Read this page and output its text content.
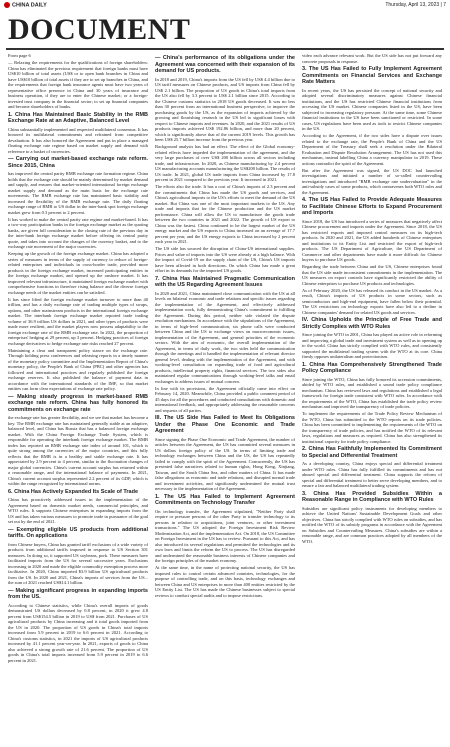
CHINA DAILY	Thursday, April 13, 2023 | 7
DOCUMENT

From page 6

— Relaxing the requirements for the qualifications of foreign shareholders: China has eliminated the previous requirement that foreign banks must have US$10 billion of total assets (US$ or to open bank branches in China and have US$10 billion of total assets if they are to set up branches in China, and the requirements that foreign bank insurance agents must have two years of representative office presence in China and 30 years of insurance and business operation, if they are to enter the Chinese market; or a foreign-invested trust company in the financial sector; to set up financial companies and become shareholders of banks.

1. China Has Maintained Basic Stability in the RMB Exchange Rate at an Adaptive, Balanced Level

China substantially implemented and respected multilateral consensus. It has honored its multilateral commitments and refrained from competitive devaluation. It has also honored the Agreement and put in place a managed floating exchange rate regime based on market supply and demand with reference to a basket of currencies.

— Carrying out market-based exchange rate reform. Since 2015, China

has improved the central parity RMB exchange rate formation regime. China holds that the exchange rate should be mainly determined by market demand and supply, and ensures that market-oriented international foreign exchange market supply and demand as the main basis for the exchange rate movements. The RMB exchange rate has maintained basic stability and increased the flexibility of the RMB exchange rate. The daily floating exchange range of RMB to US dollar in the inter-bank spot foreign exchange market grew from 0.3 percent to 2 percent.

It has worked to make the central parity rate regime and market-based. It has a two-way participation banks in the foreign exchange market as the quoting banks, are given full consideration to the closing rate of the previous day in the inter-bank foreign exchange market before offering its central parity quote, and takes into account the changes of the currency basket, and to the exchange rate movement of the major currencies.

Keeping up the growth of the foreign exchange market. China has adopted a series of measures in terms of the supply of currency to reduce of foreign-related enterprises and individuals in cross-border trade, provided more products in the foreign exchange market, increased participating entities in the foreign exchange market, and opened up the onshore market. It has improved relevant infrastructure, it maintained foreign exchange market with comprehensive functions in therefore rising balance and the diverse foreign exchange needs of the market entities can be satisfied.

It has since lifted the foreign exchange market turnover to more than 40 trillion, and has a daily exchange rate of trading multiple types of swaps, options, and other mainstream products in the international foreign exchange market. The interbank foreign exchange market reported trade trading volume of 36.9 trillion US dollars in 2021, and other types of products were made more resilient, and the market players now possess adaptability to the foreign exchange rate of the RMB exchange rate. In 2022, the proportion of enterprises' hedging at 29 percent, up 3 percent. Hedging practices of foreign exchange derivatives to hedge exchange rate risks reached 27 percent.

Maintaining a clear and transparent policy stance on the exchange rate. Through holding press conferences and releasing reports in a timely manner of the monetary policy committee and the Implementation Report of China's monetary policy, the People's Bank of China (PBC) and other agencies has followed and international practices and regularly published the foreign exchange reserves. It also published the balance of payment data in accordance with the international standards of the IMF, so that market entities can form clear expectations of exchange rate policy.

— Making steady progress in market-based RMB exchange rate reform. China has fully honored its commitments on exchange rate

the exchange rate has greater flexibility, and we see that market has become a key. The RMB exchange rate has maintained generally stable at an adaptive, balanced level, and China has Russia that has a balanced foreign exchange market. With the China Foreign Exchange Trade System, which is responsible for operating the interbank foreign exchange market. The RMB index has reported an RMB exchange rate index of around 101, which is quite strong among the currencies of the major countries, and this fully reflects that the RMB is in a healthy and stable exchange rate. It has appreciated by 2.9 percent to 4 percent, similar to the fluctuation changes of major global currencies. China's current account surplus has returned within a reasonable range, and the international balance of payments. In 2021, China's current account surplus represented 2.2 percent of its GDP, which is within the range recognized by international norms.

6. China Has Actively Expanded Its Scale of Trade

China has proactively addressed issues in the implementation of the Agreement based on domestic market needs, commercial principles, and WTO rules. It supports Chinese enterprises in expanding imports from the US and has taken various measures to promote trade in pursuance of the goal set out by the end of 2021.

— Exempting eligible US products from additional tariffs. On applications

from Chinese buyers, China has granted tariff exclusions of a wide variety of products from additional tariffs imposed in response to US Section 301 measures. In doing so, it supported US soybeans, pork. These measures have facilitated imports from the US for several successive years. Exclusions increasing in 2020 and made the eligible commodity exemption process more facilitative. In 2020, China imported $3.9 billion US agricultural products from the US. In 2020 and 2021, China's imports of services from the US... the sum of 2021 reached US$14.1 billion.

— Making significant progress in expanding imports from the US.

According to Chinese statistics, while China's overall imports of goods demonstrated US dollars decreased by 0.8 percent, in 2020 it grew 4.8 percent from US$154.5 billion in 2019 to US$ from 2021. Purchases of US agricultural products by China increasing and it total goods imported from the US in 2020. The proportion of US goods in China's total imports increased from 5.9 percent in 2019 to 6.6 percent in 2021. According to China's customs statistics, in 2021 the imports of US agricultural products increased by 41.1 percent year-on-year. In 2021, exports of goods to China also achieved a strong growth rate of 21.6 percent. The proportion of US goods in China's total imports increased from 5.9 percent in 2019 to 6.6 percent in 2021.

— China's performance of its obligations under the Agreement was concerned with their expansion of its demand for US products.

In 2018 and 2019, China's imports from the US fell by US$ 4.4 billion due to US tariff measures on Chinese products, and US imports from China fell by US$ 2.1 billion. The proportion of US goods in China's total imports from the US also fell by 3.3 percent to US$ 2.1 billion since 2015. According to the Chinese customs statistics in 2018 US goods decreased. It was no less than 30 percent from an international business perspective, to improve the purchasing goods by the US, as the expansion of imports achieved by the growing and flourishing research in the US led to significant losses with respect to Chinese imports and revenues. In 2020, and the 2021 results of US products imports achieved US$ 192.86 billion, and more than 20 percent, which is significantly above that of the current 2019 levels. This growth has been US$ 25.7 billion increase from the previous year.

Background analysis has had an effect. The effect of the Global economy-related effects have impeded the implementation of the agreement, and the very large purchases of over US$ 200 billion across all sectors including trade, and infrastructure. In 2020, as Chinese manufacturing by 2.4 percent US manufacturing accounts manufacturing the US$200 billion. The results of US trade. In 2021, global US trade imports from China increased by 17.8 percent in 2021 compared to the previous year. It increased in 2021.

The efforts also the trade. It has a cost of China's imports of 2.3 percent and the commitments that China has made the US goods and services, and China's agricultural imports to the US's efforts to meet the demand of the US market. But China was one of the most important markets to the US. Any trade and imports that for the Chinese production and the US market performance. China will allow the US to manufacture the goods trade between the two countries in 2021 and 2022. The growth of US export to China was the fastest. China continued to be the largest market of the US energy market and the US exports to China increased on an average of 17.7 percent per year, and the US energy exports to China increased by 2 percent each year in 2021.

The US side has sourced the disruption of China-US international supplies. Prices and value of imports into the US were already at a high balance. With the impact of Covid-19 on the supply chain of the US, China's US imports have been affected in both directions. On which China has made a great effort in its demands for the imported US goods.

7. China Has Maintained Pragmatic Communication with the US Regarding Agreement Issues

In 2020 and 2021, China maintained close communication with the US at all levels on bilateral economic and trade relations and specific issues regarding the implementation of the Agreement, and effectively addressed implementation work, fully demonstrating China's commitment to fulfilling the Agreement. During this period, neither side violated the dispute resolution mechanism. In accordance with the stipulations of the Agreement, in terms of high-level communication, six phone calls were conducted between China and the US to exchange views on macroeconomic issues, implementation of the Agreement, and general priorities of the economic sectors. With the aim of economic, the overall implementation of the Agreement, in terms of daily work, the two sides held the communication through the meetings and it handled the implementation of relevant director general level, dealing with the implementation of the Agreement, and with working-level consultation on expanding trade of food and agricultural products, intellectual property rights, financial services. The two sides also maintained regular communications through working-level talks and email exchanges to address issues of mutual concern.

In line with its provisions, the Agreement officially came into effect on February 14, 2020. Meanwhile, China provided a public comment period of 45 days for all the procedures and conducted consultations with domestic and international feedback, and appropriately addressing the reasonable concerns and requests of all parties.

III. The US Side Has Failed to Meet Its Obligations Under the Phase One Economic and Trade Agreement

Since signing the Phase One Economic and Trade Agreement, the number of articles between the Agreement, the US has committed several measures in US dollars foreign policy of the US. In terms of limiting trade and technology exchanges between China and the US, the US has repeatedly failed to comply with the spirit of the Agreement. Concurrently, the US has presented false narratives related to human rights, Hong Kong, Xinjiang, Taiwan, and the South China Sea, and other matters of China. It has made false allegations as economic and trade relations, and disrupted normal trade and investment activities, and significantly undermined the mutual trust necessary to the implementation of the Agreement.

1. The US Has Failed to Implement Agreement Commitments on Technology Transfer

On technology transfer, the Agreement stipulated, "Neither Party shall require or pressure persons of the other Party to transfer technology to its persons in relation to acquisitions, joint ventures, or other investment transactions." The US adopted the Foreign Investment Risk Review Modernization Act, and the implementation Act. On 2018, the US Committee on Foreign Investment in the US has to review: Pursuant to this Act, and has also introduced its several regulations and permitted the technologies and its own laws and limits the reform the US to process. The US has disregarded and undermined the reasonable business interests of Chinese companies and the foreign principles of the market economy.

At the same time, in the name of protecting national security, the US has imposed rules to control certain advanced countries, technologies, for the purpose of controlling trade, and on this basis, technology exchanges and between China and US enterprises in more than 400 entities restricted by the US Entity List. The US has made the Chinese businesses subject to special reviews to conduct special audits and to impose restrictions.

video each advance relevant work. But the US side has not put forward any concrete proposals in response.

3. The US Has Failed to Fully Implement Agreement Commitments on Financial Services and Exchange Rate Matters

In recent years, the US has persisted the concept of national security and adopted several discriminatory measures against Chinese financial institutions, and the US has restricted Chinese financial institutions from accessing the US market. Chinese companies listed in the US, have been subjected to increasing regulatory pressure. At the same time, some Chinese financial institutions in the US have been sanctioned or restricted. In some cases, US regulations have been used as tools to restrict Chinese companies in the US.

According to the Agreement, if the two sides have a dispute over issues related to the exchange rate, the People's Bank of China and the US Department of the Treasury shall seek a resolution under the Bilateral Evaluation and Dispute Resolution Arrangement. The US has not used this mechanism, instead labelling China a currency manipulator in 2019. These actions contradict the spirit of the Agreement.

But after the Agreement was signed, the US DOC had launched investigations and initiated a number of so-called countervailing investigations and introduced "RMB exchange rate undervaluation" in the anti-subsidy cases of some products, which contravenes both WTO rules and the Agreement.

4. The US Has Failed to Provide Adequate Measures to Facilitate Chinese Efforts to Expand Procurement and Imports

Since 2018, the US has introduced a series of measures that negatively affect Chinese procurement and imports under the Agreement. Since 2018, the US has restricted exports and imposed control measures on its high-tech products. In 2020 and 2021, the US added hundreds of Chinese enterprises and institutions to its Entity List and restricted the export of high-tech products. The US Department of Agriculture, the US Department of Commerce and other departments have made it more difficult for Chinese buyers to purchase US goods.

Regarding the trade between China and the US, Chinese enterprises found that the US side made inconsistent commitments in the implementation. The US measures on export controls have significantly restricted the ability of Chinese enterprises to purchase US products and technologies.

As of February 2020, the US has released its conduct in the US market. As a result, China's imports of US products in some sectors, such as semiconductors and high-end equipment, have fallen below their potential. The US restrictions on technology exports have also led to a decline in Chinese companies' demand for related US goods and services.

IV. China Upholds the Principle of Free Trade and Strictly Complies with WTO Rules

Since joining the WTO in 2001, China has played an active role in reforming and improving a global trade and investment system as well as in opening up to the world. China has strictly complied with WTO rules, and consistently supported the multilateral trading system with the WTO at its core. China firmly opposes unilateralism and protectionism.

1. China Has Comprehensively Strengthened Trade Policy Compliance

Since joining the WTO, China has fully honored its accession commitments, abided by WTO rules, and established a sound trade policy compliance mechanism. China has reviewed laws and regulations and established a legal framework for foreign trade consistent with WTO rules. In accordance with the requirements of the WTO, China has established the trade policy review mechanism and improved the transparency of trade policies.

To implement the requirements of the Trade Policy Review Mechanism of the WTO, China has submitted to the WTO reports on its trade policies. China has been committed to implementing the requirements of the WTO on the transparency of trade policies, and has notified the WTO of its relevant laws, regulations and measures as required. China has also strengthened its institutional capacity for trade policy compliance.

2. China Has Faithfully Implemented Its Commitment to Special and Differential Treatment

As a developing country, China enjoys special and differential treatment under WTO rules. China has fully fulfilled its commitments and has not abused special and differential treatment. China supports the reform of special and differential treatment to better serve developing members, and to ensure a fair and balanced multilateral trading system.

3. China Has Provided Subsidies Within a Reasonable Range in Compliance with WTO Rules

Subsidies are significant policy instruments for developing members to achieve the United Nations' Sustainable Development Goals and other objectives. China has strictly complied with WTO rules on subsidies, and has notified the WTO of its subsidy programs in accordance with the Agreement on Subsidies and Countervailing Measures. China's subsidies are within a reasonable range, and are common practices adopted by all members of the WTO.
